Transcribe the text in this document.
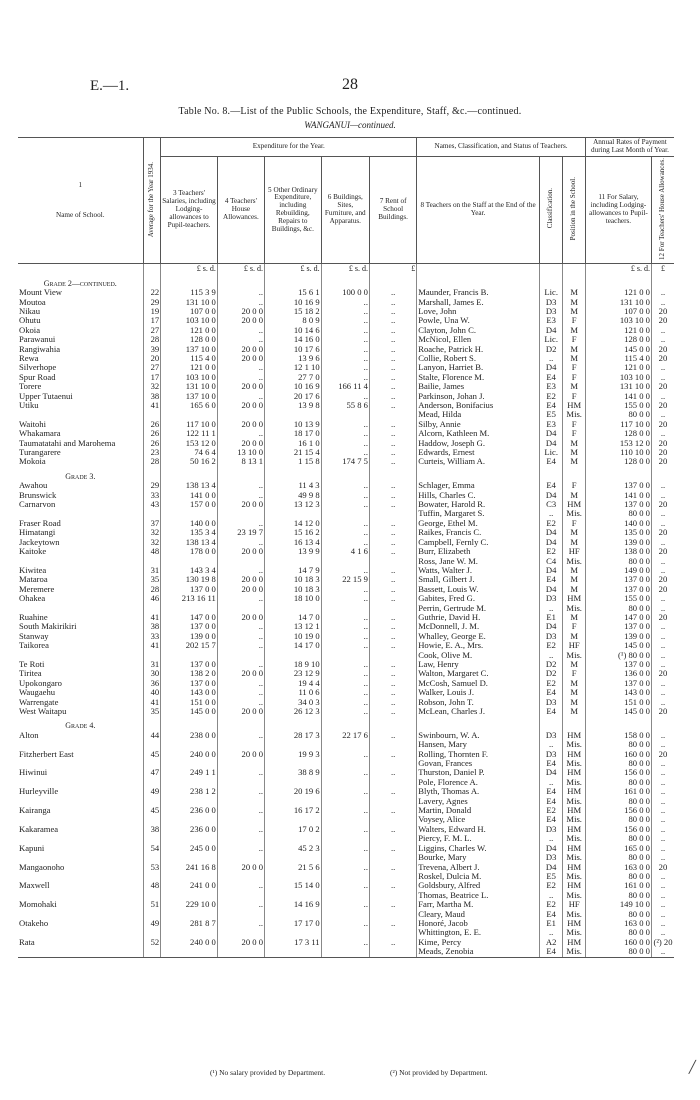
E.—1.	28
Table No. 8.—List of the Public Schools, the Expenditure, Staff, &c.—continued.
WANGANUI—continued.
1
Name of School.	Average for the Year 1934.	Expenditure for the Year.					Names, Classification, and Status of Teachers.			Annual Rates of Payment during Last Month of Year.	
		3 Teachers' Salaries, including Lodging-allowances to Pupil-teachers.	4 Teachers' House Allowances.	5 Other Ordinary Expenditure, including Rebuilding, Repairs to Buildings, &c.	6 Buildings, Sites, Furniture, and Apparatus.	7 Rent of School Buildings.	8 Teachers on the Staff at the End of the Year.	Classification.	Position in the School.	11 For Salary, including Lodging-allowances to Pupil-teachers.	12 For Teachers' House Allowances.
		£ s. d.	£ s. d.	£ s. d.	£ s. d.	£				£ s. d.	£
Grade 2—continued.											
Mount View	22	115 3 9	..	15 6 1	100 0 0	..	Maunder, Francis B.	Lic.	M	121 0 0	..
Moutoa	29	131 10 0	..	10 16 9	..	..	Marshall, James E.	D3	M	131 10 0	..
Nikau	19	107 0 0	20 0 0	15 18 2	..	..	Love, John	D3	M	107 0 0	20
Ohutu	17	103 10 0	20 0 0	8 0 9	..	..	Powle, Una W.	E3	F	103 10 0	20
Okoia	27	121 0 0	..	10 14 6	..	..	Clayton, John C.	D4	M	121 0 0	..
Parawanui	28	128 0 0	..	14 16 0	..	..	McNicol, Ellen	Lic.	F	128 0 0	..
Rangiwahia	39	137 10 0	20 0 0	10 17 6	..	..	Roache, Patrick H.	D2	M	145 0 0	20
Rewa	20	115 4 0	20 0 0	13 9 6	..	..	Collie, Robert S.	..	M	115 4 0	20
Silverhope	27	121 0 0	..	12 1 10	..	..	Lanyon, Harriet B.	D4	F	121 0 0	..
Spur Road	17	103 10 0	..	27 7 0	..	..	Stalte, Florence M.	E4	F	103 10 0	..
Torere	32	131 10 0	20 0 0	10 16 9	166 11 4	..	Bailie, James	E3	M	131 10 0	20
Upper Tutaenui	38	137 10 0	..	20 17 6	..	..	Parkinson, Johan J.	E2	F	141 0 0	..
Utiku	41	165 6 0	20 0 0	13 9 8	55 8 6	..	Anderson, Bonifacius	E4	HM	155 0 0	20
							Mead, Hilda	E5	Mis.	80 0 0	..
Waitohi	26	117 10 0	20 0 0	10 13 9	..	..	Silby, Annie	E3	F	117 10 0	20
Whakamara	26	122 11 1	..	18 17 0	..	..	Alcorn, Kathleen M.	D4	F	128 0 0	..
Taumatatahi and Marohema	26	153 12 0	20 0 0	16 1 0	..	..	Haddow, Joseph G.	D4	M	153 12 0	20
Turangarere	23	74 6 4	13 10 0	21 15 4	..	..	Edwards, Ernest	Lic.	M	110 10 0	20
Mokoia	28	50 16 2	8 13 1	1 15 8	174 7 5	..	Curteis, William A.	E4	M	128 0 0	20
Grade 3.											
Awahou	29	138 13 4	..	11 4 3	..	..	Schlager, Emma	E4	F	137 0 0	..
Brunswick	33	141 0 0	..	49 9 8	..	..	Hills, Charles C.	D4	M	141 0 0	..
Carnarvon	43	157 0 0	20 0 0	13 12 3	..	..	Bowater, Harold R.	C3	HM	137 0 0	20
							Tuffin, Margaret S.	..	Mis.	80 0 0	..
Fraser Road	37	140 0 0	..	14 12 0	..	..	George, Ethel M.	E2	F	140 0 0	..
Himatangi	32	135 3 4	23 19 7	15 16 2	..	..	Raikes, Francis C.	D4	M	135 0 0	20
Jackeytown	32	138 13 4	..	16 13 4	..	..	Campbell, Fernly C.	D4	M	139 0 0	..
Kaitoke	48	178 0 0	20 0 0	13 9 9	4 1 6	..	Burr, Elizabeth	E2	HF	138 0 0	20
							Ross, Jane W. M.	C4	Mis.	80 0 0	..
Kiwitea	31	143 3 4	..	14 7 9	..	..	Watts, Walter J.	D4	M	149 0 0	..
Mataroa	35	130 19 8	20 0 0	10 18 3	22 15 9	..	Small, Gilbert J.	E4	M	137 0 0	20
Meremere	28	137 0 0	20 0 0	10 18 3	..	..	Bassett, Louis W.	D4	M	137 0 0	20
Ohakea	46	213 16 11	..	18 10 0	..	..	Gabites, Fred G.	D3	HM	155 0 0	..
							Perrin, Gertrude M.	..	Mis.	80 0 0	..
Ruahine	41	147 0 0	20 0 0	14 7 0	..	..	Guthrie, David H.	E1	M	147 0 0	20
South Makirikiri	38	137 0 0	..	13 12 1	..	..	McDonnell, J. M.	D4	F	137 0 0	..
Stanway	33	139 0 0	..	10 19 0	..	..	Whalley, George E.	D3	M	139 0 0	..
Taikorea	41	202 15 7	..	14 17 0	..	..	Howie, E. A., Mrs.	E2	HF	145 0 0	..
							Cook, Olive M.	..	Mis.	(¹) 80 0 0	..
Te Roti	31	137 0 0	..	18 9 10	..	..	Law, Henry	D2	M	137 0 0	..
Tiritea	30	138 2 0	20 0 0	23 12 9	..	..	Walton, Margaret C.	D2	F	136 0 0	20
Upokongaro	36	137 0 0	..	19 4 4	..	..	McCosh, Samuel D.	E2	M	137 0 0	..
Waugaehu	40	143 0 0	..	11 0 6	..	..	Walker, Louis J.	E4	M	143 0 0	..
Warrengate	41	151 0 0	..	34 0 3	..	..	Robson, John T.	D3	M	151 0 0	..
West Waitapu	35	145 0 0	20 0 0	26 12 3	..	..	McLean, Charles J.	E4	M	145 0 0	20
Grade 4.											
Alton	44	238 0 0	..	28 17 3	22 17 6	..	Swinbourn, W. A.	D3	HM	158 0 0	..
							Hansen, Mary	..	Mis.	80 0 0	..
Fitzherbert East	45	240 0 0	20 0 0	19 9 3	..	..	Rolling, Thornten F.	D3	HM	160 0 0	20
							Govan, Frances	E4	Mis.	80 0 0	..
Hiwinui	47	249 1 1	..	38 8 9	..	..	Thurston, Daniel P.	D4	HM	156 0 0	..
							Pole, Florence A.	..	Mis.	80 0 0	..
Hurleyville	49	238 1 2	..	20 19 6	..	..	Blyth, Thomas A.	E4	HM	161 0 0	..
							Lavery, Agnes	E4	Mis.	80 0 0	..
Kairanga	45	236 0 0	..	16 17 2	..	..	Martin, Donald	E2	HM	156 0 0	..
							Voysey, Alice	E4	Mis.	80 0 0	..
Kakaramea	38	236 0 0	..	17 0 2	..	..	Walters, Edward H.	D3	HM	156 0 0	..
							Piercy, F. M. L.	..	Mis.	80 0 0	..
Kapuni	54	245 0 0	..	45 2 3	..	..	Liggins, Charles W.	D4	HM	165 0 0	..
							Bourke, Mary	D3	Mis.	80 0 0	..
Mangaonoho	53	241 16 8	20 0 0	21 5 6	..	..	Trevena, Albert J.	D4	HM	163 0 0	20
							Roskel, Dulcia M.	E5	Mis.	80 0 0	..
Maxwell	48	241 0 0	..	15 14 0	..	..	Goldsbury, Alfred	E2	HM	161 0 0	..
							Thomas, Beatrice L.	..	Mis.	80 0 0	..
Momohaki	51	229 10 0	..	14 16 9	..	..	Farr, Martha M.	E2	HF	149 10 0	..
							Cleary, Maud	E4	Mis.	80 0 0	..
Otakeho	49	281 8 7	..	17 17 0	..	..	Honoré, Jacob	E1	HM	163 0 0	..
							Whittington, E. E.	..	Mis.	80 0 0	..
Rata	52	240 0 0	20 0 0	17 3 11	..	..	Kime, Percy	A2	HM	160 0 0	(²) 20
							Meads, Zenobia	E4	Mis.	80 0 0	..
(¹) No salary provided by Department.	(²) Not provided by Department.	╱
